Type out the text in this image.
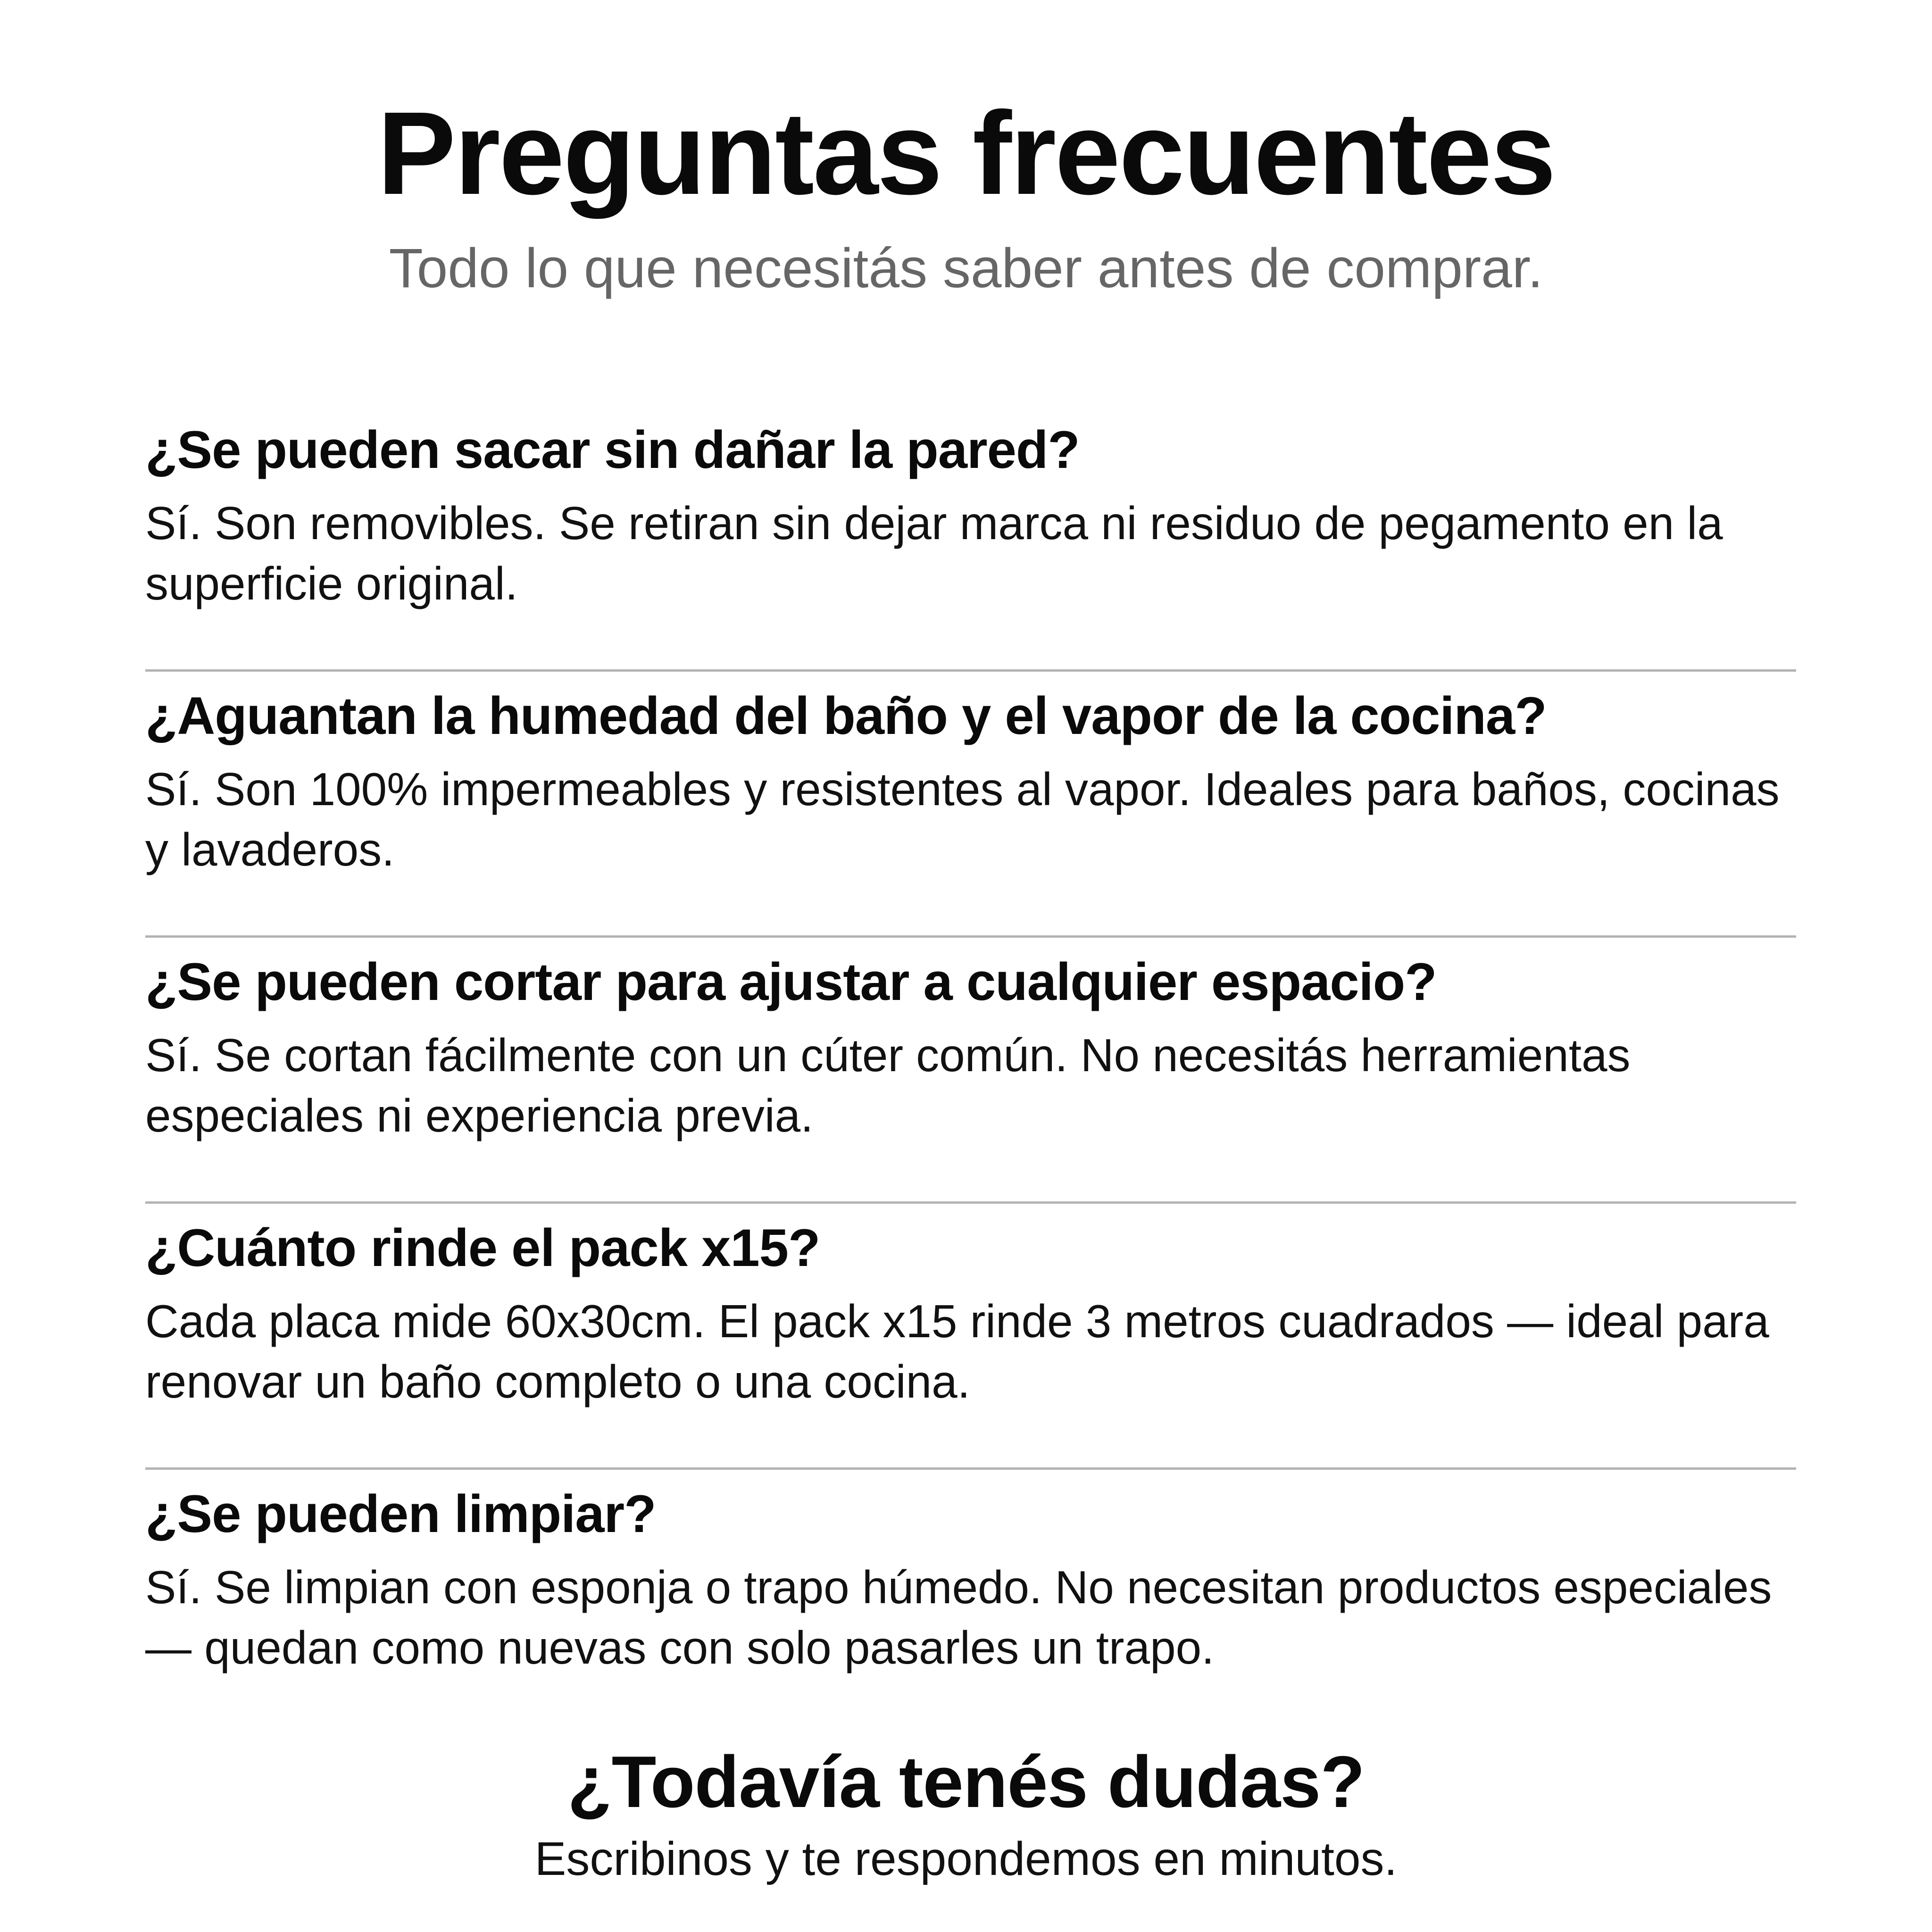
Preguntas frecuentes

Todo lo que necesitás saber antes de comprar.

¿Se pueden sacar sin dañar la pared?

Sí. Son removibles. Se retiran sin dejar marca ni residuo de pegamento en la superficie original.

¿Aguantan la humedad del baño y el vapor de la cocina?

Sí. Son 100% impermeables y resistentes al vapor. Ideales para baños, cocinas y lavaderos.

¿Se pueden cortar para ajustar a cualquier espacio?

Sí. Se cortan fácilmente con un cúter común. No necesitás herramientas especiales ni experiencia previa.

¿Cuánto rinde el pack x15?

Cada placa mide 60x30cm. El pack x15 rinde 3 metros cuadrados — ideal para renovar un baño completo o una cocina.

¿Se pueden limpiar?

Sí. Se limpian con esponja o trapo húmedo. No necesitan productos especiales — quedan como nuevas con solo pasarles un trapo.

¿Todavía tenés dudas?

Escribinos y te respondemos en minutos.
